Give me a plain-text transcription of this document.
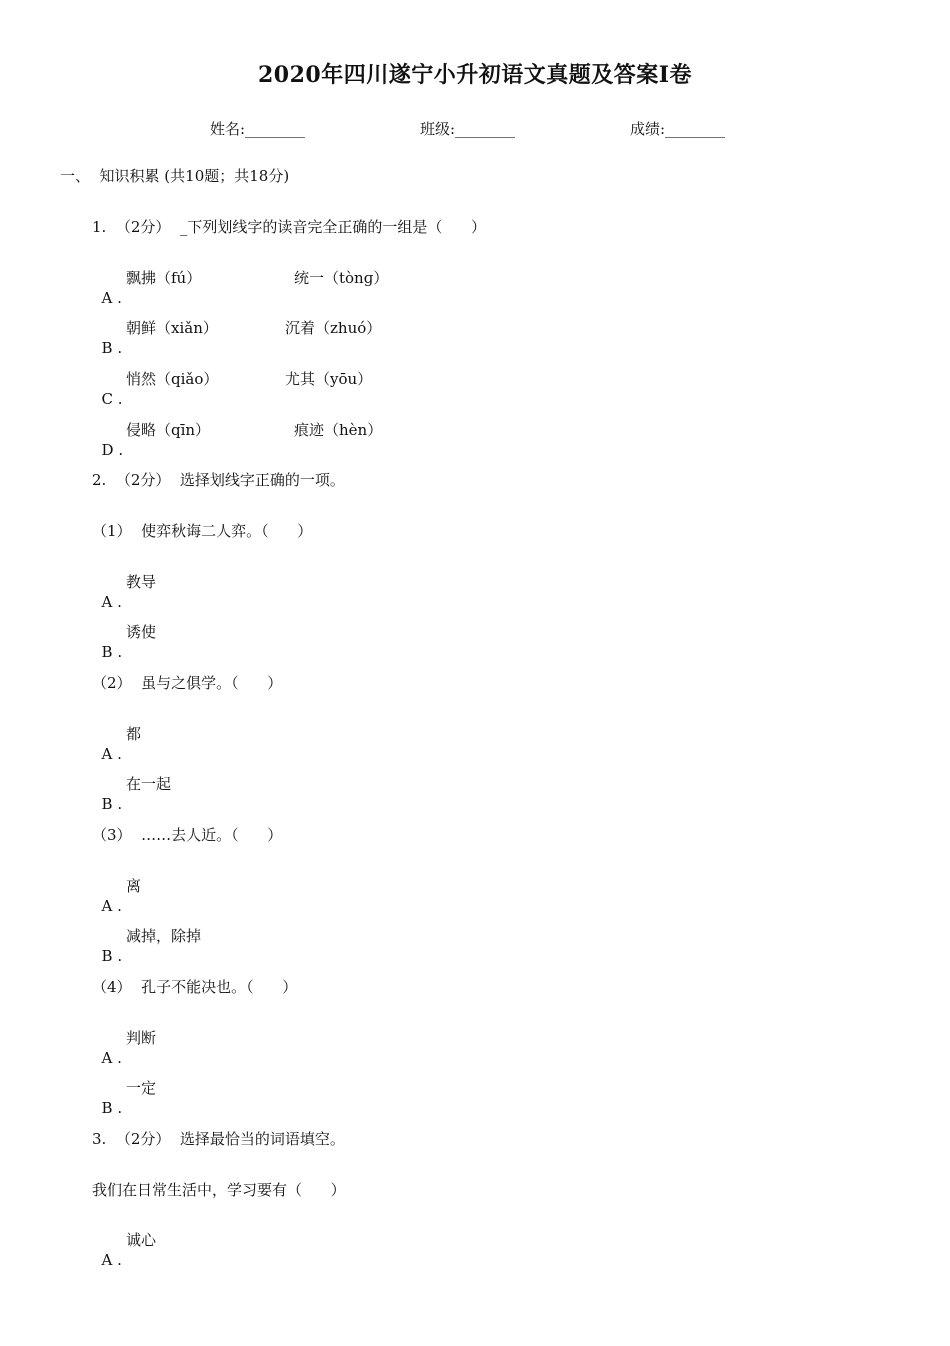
2020年四川遂宁小升初语文真题及答案I卷
姓名:________	班级:________	成绩:________
一、  知识积累 (共10题；共18分)
1.  （2分）  _下列划线字的读音完全正确的一组是（      ）

A .

飘拂（fú）

	统一（tònɡ）

B .

朝鲜（xiǎn）

	沉着（zhuó）

C .

悄然（qiǎo）

	尤其（yōu）

D .

侵略（qīn）

	痕迹（hèn）

2.  （2分）  选择划线字正确的一项。
（1）  使弈秋诲二人弈。（      ）

A .

教导

B .

诱使

（2）  虽与之俱学。（      ）

A .

都

B .

在一起

（3）  ……去人近。（      ）

A .

离

B .

减掉，除掉

（4）  孔子不能决也。（      ）

A .

判断

B .

一定

3.  （2分）  选择最恰当的词语填空。
我们在日常生活中，学习要有（      ）

A .

诚心
